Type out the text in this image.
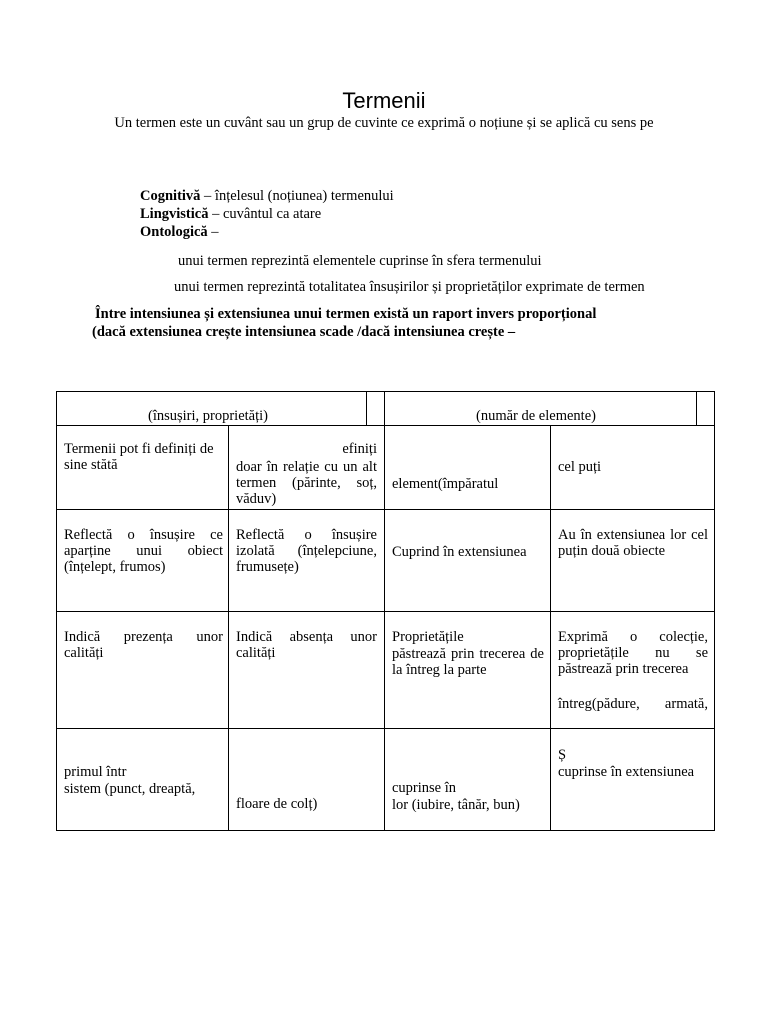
Termenii
Un termen este un cuvânt sau un grup de cuvinte ce exprimă o noțiune și se aplică cu sens pe
Cognitivă – înțelesul (noțiunea) termenului
Lingvistică – cuvântul ca atare
Ontologică –
unui termen reprezintă elementele cuprinse în sfera termenului
unui termen reprezintă totalitatea însușirilor și proprietăților exprimate de termen
Între intensiunea și extensiunea unui termen există un raport invers proporțional
(dacă extensiunea crește intensiunea scade /dacă intensiunea crește –
(însușiri, proprietăți)	(număr de elemente)
Termenii pot fi definiți de sine stătă
efiniți
doar în relație cu un alt termen (părinte, soț, văduv)
element(împăratul
cel puți
Reflectă o însușire ce aparține unui obiect (înțelept, frumos)
Reflectă o însușire izolată (înțelepciune, frumusețe)
Cuprind în extensiunea
Au în extensiunea lor cel puțin două obiecte
Indică prezența unor calități
Indică absența unor calități
Proprietățile
păstrează prin trecerea de la întreg la parte
Exprimă o colecție, proprietățile nu se păstrează prin trecerea
întreg(pădure, armată,
primul într
sistem (punct, dreaptă,
floare de colț)
cuprinse în
lor (iubire, tânăr, bun)
Ș
cuprinse în extensiunea
